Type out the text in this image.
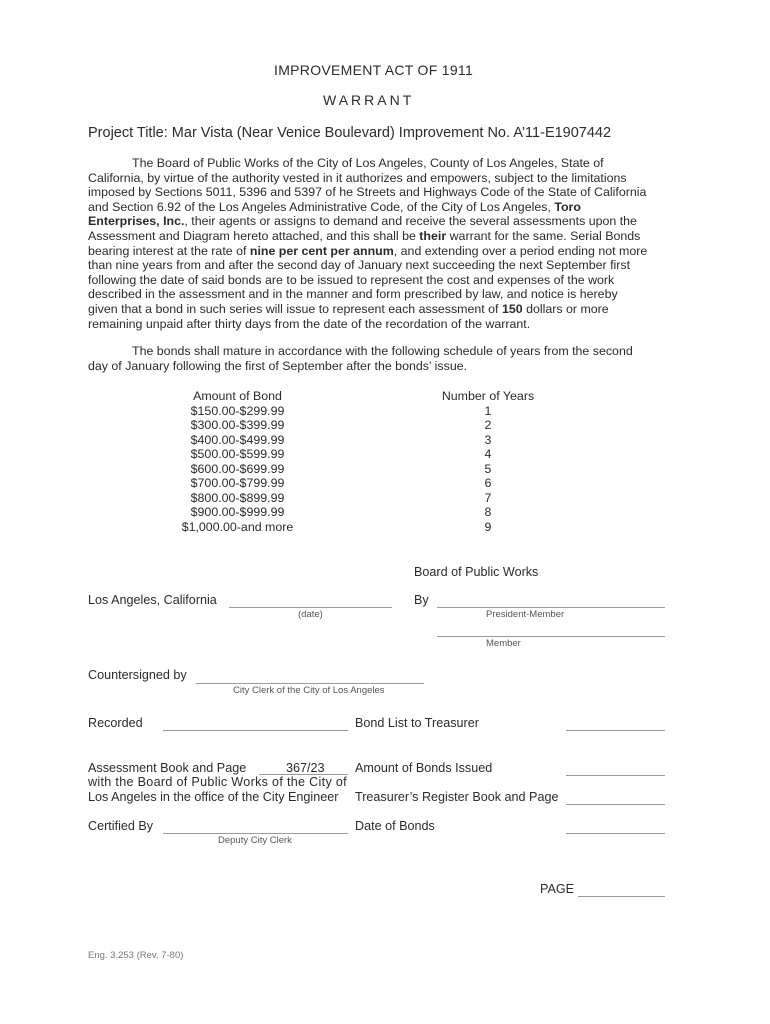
IMPROVEMENT ACT OF 1911
WARRANT
Project Title: Mar Vista (Near Venice Boulevard) Improvement No. A’11-E1907442

The Board of Public Works of the City of Los Angeles, County of Los Angeles, State of California, by virtue of the authority vested in it authorizes and empowers, subject to the limitations imposed by Sections 5011, 5396 and 5397 of he Streets and Highways Code of the State of California and Section 6.92 of the Los Angeles Administrative Code, of the City of Los Angeles, Toro Enterprises, Inc., their agents or assigns to demand and receive the several assessments upon the Assessment and Diagram hereto attached, and this shall be their warrant for the same. Serial Bonds bearing interest at the rate of nine per cent per annum, and extending over a period ending not more than nine years from and after the second day of January next succeeding the next September first following the date of said bonds are to be issued to represent the cost and expenses of the work described in the assessment and in the manner and form prescribed by law, and notice is hereby given that a bond in such series will issue to represent each assessment of 150 dollars or more remaining unpaid after thirty days from the date of the recordation of the warrant.

The bonds shall mature in accordance with the following schedule of years from the second day of January following the first of September after the bonds’ issue.

Amount of Bond
$150.00-$299.99
$300.00-$399.99
$400.00-$499.99
$500.00-$599.99
$600.00-$699.99
$700.00-$799.99
$800.00-$899.99
$900.00-$999.99
$1,000.00-and more
Number of Years
1
2
3
4
5
6
7
8
9
Board of Public Works
Los Angeles, California
(date)
By
President-Member
Member
Countersigned by
City Clerk of the City of Los Angeles
Recorded	Bond List to Treasurer
Assessment Book and Page	367/23
with the Board of Public Works of the City of
Los Angeles in the office of the City Engineer
Amount of Bonds Issued
Treasurer’s Register Book and Page
Certified By
Deputy City Clerk
Date of Bonds
PAGE
Eng. 3.253 (Rev. 7-80)
